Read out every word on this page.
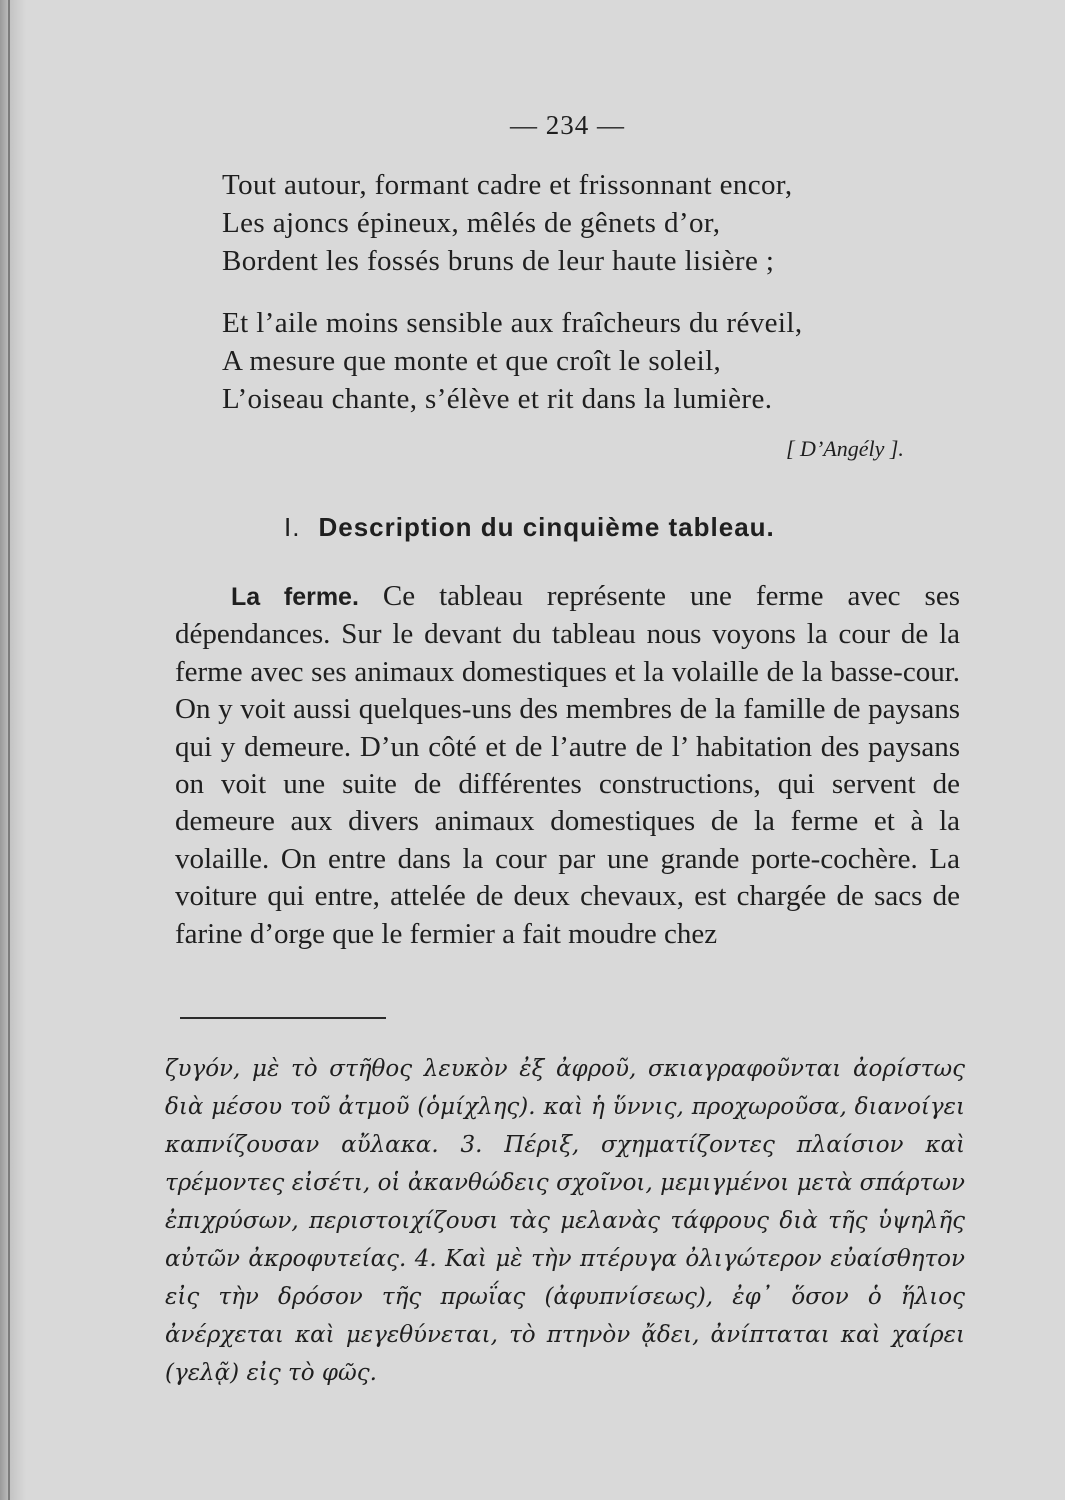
— 234 —
Tout autour, formant cadre et frissonnant encor,
Les ajoncs épineux, mêlés de gênets d’or,
Bordent les fossés bruns de leur haute lisière ;
Et l’aile moins sensible aux fraîcheurs du réveil,
A mesure que monte et que croît le soleil,
L’oiseau chante, s’élève et rit dans la lumière.
[ D’Angély ].
I. Description du cinquième tableau.
La ferme. Ce tableau représente une ferme avec ses dépendances. Sur le devant du tableau nous voyons la cour de la ferme avec ses animaux domestiques et la volaille de la basse-cour. On y voit aussi quelques-uns des membres de la famille de paysans qui y demeure. D’un côté et de l’autre de l’ habitation des paysans on voit une suite de différentes constructions, qui servent de demeure aux divers animaux domestiques de la ferme et à la volaille. On entre dans la cour par une grande porte-cochère. La voiture qui entre, attelée de deux chevaux, est chargée de sacs de farine d’orge que le fermier a fait moudre chez
ζυγόν, μὲ τὸ στῆθος λευκὸν ἐξ ἀφροῦ, σκιαγραφοῦνται ἀορίστως διὰ μέσου τοῦ ἀτμοῦ (ὁμίχλης). καὶ ἡ ὕννις, προχωροῦσα, διανοίγει καπνίζουσαν αὔλακα. 3. Πέριξ, σχηματίζοντες πλαίσιον καὶ τρέμοντες εἰσέτι, οἱ ἀκανθώδεις σχοῖνοι, μεμιγμένοι μετὰ σπάρτων ἐπιχρύσων, περιστοιχίζουσι τὰς μελανὰς τάφρους διὰ τῆς ὑψηλῆς αὐτῶν ἀκροφυτείας. 4. Καὶ μὲ τὴν πτέρυγα ὀλιγώτερον εὐαίσθητον εἰς τὴν δρόσον τῆς πρωΐας (ἀφυπνίσεως), ἐφ᾽ ὅσον ὁ ἥλιος ἀνέρχεται καὶ μεγεθύνεται, τὸ πτηνὸν ᾄδει, ἀνίπταται καὶ χαίρει (γελᾷ) εἰς τὸ φῶς.
